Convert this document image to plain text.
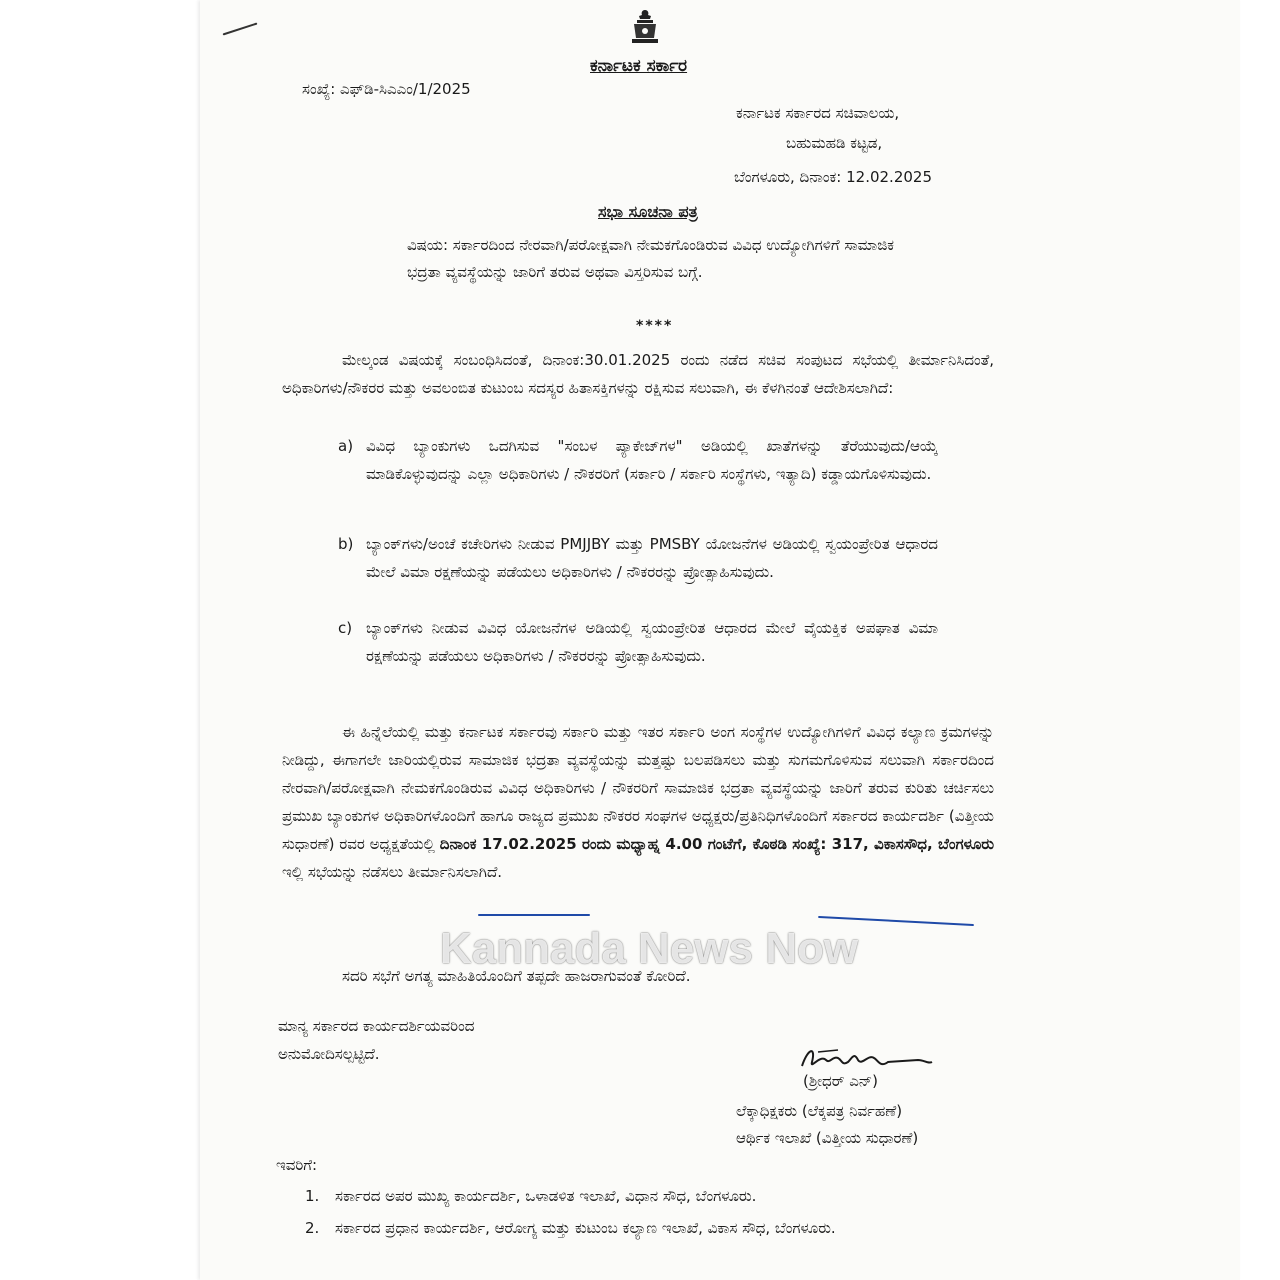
ಕರ್ನಾಟಕ ಸರ್ಕಾರ
ಸಂಖ್ಯೆ: ಎಫ್‌ಡಿ-ಸಿಎಎಂ/1/2025
ಕರ್ನಾಟಕ ಸರ್ಕಾರದ ಸಚಿವಾಲಯ,
ಬಹುಮಹಡಿ ಕಟ್ಟಡ,
ಬೆಂಗಳೂರು, ದಿನಾಂಕ: 12.02.2025
ಸಭಾ ಸೂಚನಾ ಪತ್ರ
ವಿಷಯ: ಸರ್ಕಾರದಿಂದ ನೇರವಾಗಿ/ಪರೋಕ್ಷವಾಗಿ ನೇಮಕಗೊಂಡಿರುವ ವಿವಿಧ ಉದ್ಯೋಗಿಗಳಿಗೆ ಸಾಮಾಜಿಕ ಭದ್ರತಾ ವ್ಯವಸ್ಥೆಯನ್ನು ಜಾರಿಗೆ ತರುವ ಅಥವಾ ವಿಸ್ತರಿಸುವ ಬಗ್ಗೆ.
****
ಮೇಲ್ಕಂಡ ವಿಷಯಕ್ಕೆ ಸಂಬಂಧಿಸಿದಂತೆ, ದಿನಾಂಕ:30.01.2025 ರಂದು ನಡೆದ ಸಚಿವ ಸಂಪುಟದ ಸಭೆಯಲ್ಲಿ ತೀರ್ಮಾನಿಸಿದಂತೆ, ಅಧಿಕಾರಿಗಳು/ನೌಕರರ ಮತ್ತು ಅವಲಂಬಿತ ಕುಟುಂಬ ಸದಸ್ಯರ ಹಿತಾಸಕ್ತಿಗಳನ್ನು ರಕ್ಷಿಸುವ ಸಲುವಾಗಿ, ಈ ಕೆಳಗಿನಂತೆ ಆದೇಶಿಸಲಾಗಿದೆ:
a) ವಿವಿಧ ಬ್ಯಾಂಕುಗಳು ಒದಗಿಸುವ "ಸಂಬಳ ಪ್ಯಾಕೇಜ್‌ಗಳ" ಅಡಿಯಲ್ಲಿ ಖಾತೆಗಳನ್ನು ತೆರೆಯುವುದು/ಆಯ್ಕೆ ಮಾಡಿಕೊಳ್ಳುವುದನ್ನು ಎಲ್ಲಾ ಅಧಿಕಾರಿಗಳು / ನೌಕರರಿಗೆ (ಸರ್ಕಾರಿ / ಸರ್ಕಾರಿ ಸಂಸ್ಥೆಗಳು, ಇತ್ಯಾದಿ) ಕಡ್ಡಾಯಗೊಳಿಸುವುದು.
b) ಬ್ಯಾಂಕ್‌ಗಳು/ಅಂಚೆ ಕಚೇರಿಗಳು ನೀಡುವ PMJJBY ಮತ್ತು PMSBY ಯೋಜನೆಗಳ ಅಡಿಯಲ್ಲಿ ಸ್ವಯಂಪ್ರೇರಿತ ಆಧಾರದ ಮೇಲೆ ವಿಮಾ ರಕ್ಷಣೆಯನ್ನು ಪಡೆಯಲು ಅಧಿಕಾರಿಗಳು / ನೌಕರರನ್ನು ಪ್ರೋತ್ಸಾಹಿಸುವುದು.
c) ಬ್ಯಾಂಕ್‌ಗಳು ನೀಡುವ ವಿವಿಧ ಯೋಜನೆಗಳ ಅಡಿಯಲ್ಲಿ ಸ್ವಯಂಪ್ರೇರಿತ ಆಧಾರದ ಮೇಲೆ ವೈಯಕ್ತಿಕ ಅಪಘಾತ ವಿಮಾ ರಕ್ಷಣೆಯನ್ನು ಪಡೆಯಲು ಅಧಿಕಾರಿಗಳು / ನೌಕರರನ್ನು ಪ್ರೋತ್ಸಾಹಿಸುವುದು.
ಈ ಹಿನ್ನೆಲೆಯಲ್ಲಿ ಮತ್ತು ಕರ್ನಾಟಕ ಸರ್ಕಾರವು ಸರ್ಕಾರಿ ಮತ್ತು ಇತರ ಸರ್ಕಾರಿ ಅಂಗ ಸಂಸ್ಥೆಗಳ ಉದ್ಯೋಗಿಗಳಿಗೆ ವಿವಿಧ ಕಲ್ಯಾಣ ಕ್ರಮಗಳನ್ನು ನೀಡಿದ್ದು, ಈಗಾಗಲೇ ಜಾರಿಯಲ್ಲಿರುವ ಸಾಮಾಜಿಕ ಭದ್ರತಾ ವ್ಯವಸ್ಥೆಯನ್ನು ಮತ್ತಷ್ಟು ಬಲಪಡಿಸಲು ಮತ್ತು ಸುಗಮಗೊಳಿಸುವ ಸಲುವಾಗಿ ಸರ್ಕಾರದಿಂದ ನೇರವಾಗಿ/ಪರೋಕ್ಷವಾಗಿ ನೇಮಕಗೊಂಡಿರುವ ವಿವಿಧ ಅಧಿಕಾರಿಗಳು / ನೌಕರರಿಗೆ ಸಾಮಾಜಿಕ ಭದ್ರತಾ ವ್ಯವಸ್ಥೆಯನ್ನು ಜಾರಿಗೆ ತರುವ ಕುರಿತು ಚರ್ಚಿಸಲು ಪ್ರಮುಖ ಬ್ಯಾಂಕುಗಳ ಅಧಿಕಾರಿಗಳೊಂದಿಗೆ ಹಾಗೂ ರಾಜ್ಯದ ಪ್ರಮುಖ ನೌಕರರ ಸಂಘಗಳ ಅಧ್ಯಕ್ಷರು/ಪ್ರತಿನಿಧಿಗಳೊಂದಿಗೆ ಸರ್ಕಾರದ ಕಾರ್ಯದರ್ಶಿ (ವಿತ್ತೀಯ ಸುಧಾರಣೆ) ರವರ ಅಧ್ಯಕ್ಷತೆಯಲ್ಲಿ ದಿನಾಂಕ 17.02.2025 ರಂದು ಮಧ್ಯಾಹ್ನ 4.00 ಗಂಟೆಗೆ, ಕೊಠಡಿ ಸಂಖ್ಯೆ: 317, ವಿಕಾಸಸೌಧ, ಬೆಂಗಳೂರು ಇಲ್ಲಿ ಸಭೆಯನ್ನು ನಡೆಸಲು ತೀರ್ಮಾನಿಸಲಾಗಿದೆ.
ಸದರಿ ಸಭೆಗೆ ಅಗತ್ಯ ಮಾಹಿತಿಯೊಂದಿಗೆ ತಪ್ಪದೇ ಹಾಜರಾಗುವಂತೆ ಕೋರಿದೆ.
ಮಾನ್ಯ ಸರ್ಕಾರದ ಕಾರ್ಯದರ್ಶಿಯವರಿಂದ
ಅನುಮೋದಿಸಲ್ಪಟ್ಟಿದೆ.
(ಶ್ರೀಧರ್ ಎನ್)
ಲೆಕ್ಕಾಧಿಕ್ಷಕರು (ಲೆಕ್ಕಪತ್ರ ನಿರ್ವಹಣೆ)
ಆರ್ಥಿಕ ಇಲಾಖೆ (ವಿತ್ತೀಯ ಸುಧಾರಣೆ)
ಇವರಿಗೆ:
1. ಸರ್ಕಾರದ ಅಪರ ಮುಖ್ಯ ಕಾರ್ಯದರ್ಶಿ, ಒಳಾಡಳಿತ ಇಲಾಖೆ, ವಿಧಾನ ಸೌಧ, ಬೆಂಗಳೂರು.
2. ಸರ್ಕಾರದ ಪ್ರಧಾನ ಕಾರ್ಯದರ್ಶಿ, ಆರೋಗ್ಯ ಮತ್ತು ಕುಟುಂಬ ಕಲ್ಯಾಣ ಇಲಾಖೆ, ವಿಕಾಸ ಸೌಧ, ಬೆಂಗಳೂರು.
Kannada News Now
